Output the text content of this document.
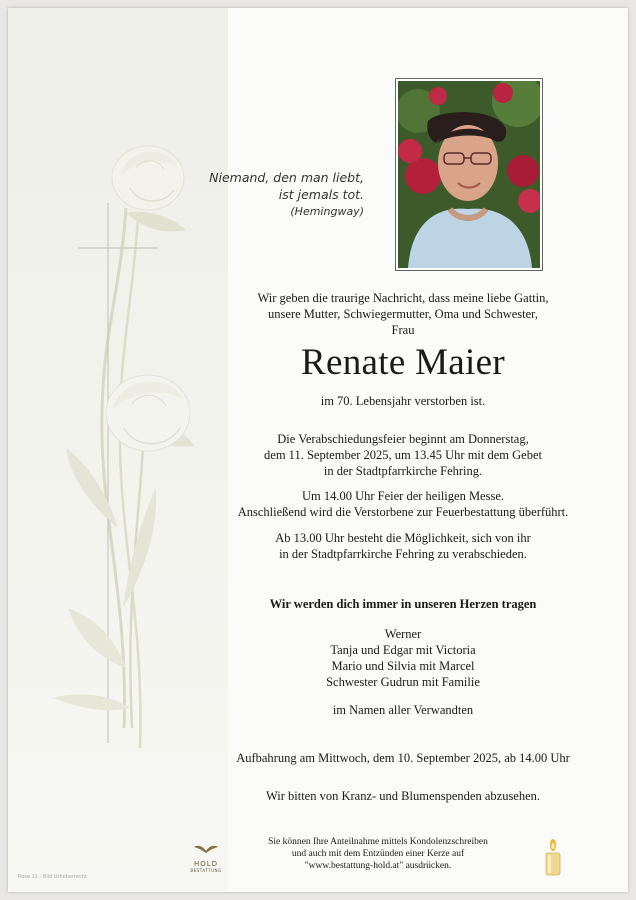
Niemand, den man liebt,
ist jemals tot.
(Hemingway)
Wir geben die traurige Nachricht, dass meine liebe Gattin,
unsere Mutter, Schwiegermutter, Oma und Schwester,
Frau
Renate Maier
im 70. Lebensjahr verstorben ist.
Die Verabschiedungsfeier beginnt am Donnerstag,
dem 11. September 2025, um 13.45 Uhr mit dem Gebet
in der Stadtpfarrkirche Fehring.
Um 14.00 Uhr Feier der heiligen Messe.
Anschließend wird die Verstorbene zur Feuerbestattung überführt.
Ab 13.00 Uhr besteht die Möglichkeit, sich von ihr
in der Stadtpfarrkirche Fehring zu verabschieden.
Wir werden dich immer in unseren Herzen tragen
Werner
Tanja und Edgar mit Victoria
Mario und Silvia mit Marcel
Schwester Gudrun mit Familie
im Namen aller Verwandten
Aufbahrung am Mittwoch, dem 10. September 2025, ab 14.00 Uhr
Wir bitten von Kranz- und Blumenspenden abzusehen.
HOLD
BESTATTUNG
Sie können Ihre Anteilnahme mittels Kondolenzschreiben
und auch mit dem Entzünden einer Kerze auf
"www.bestattung-hold.at" ausdrücken.
Rose 11 - Bild Urheberrecht
